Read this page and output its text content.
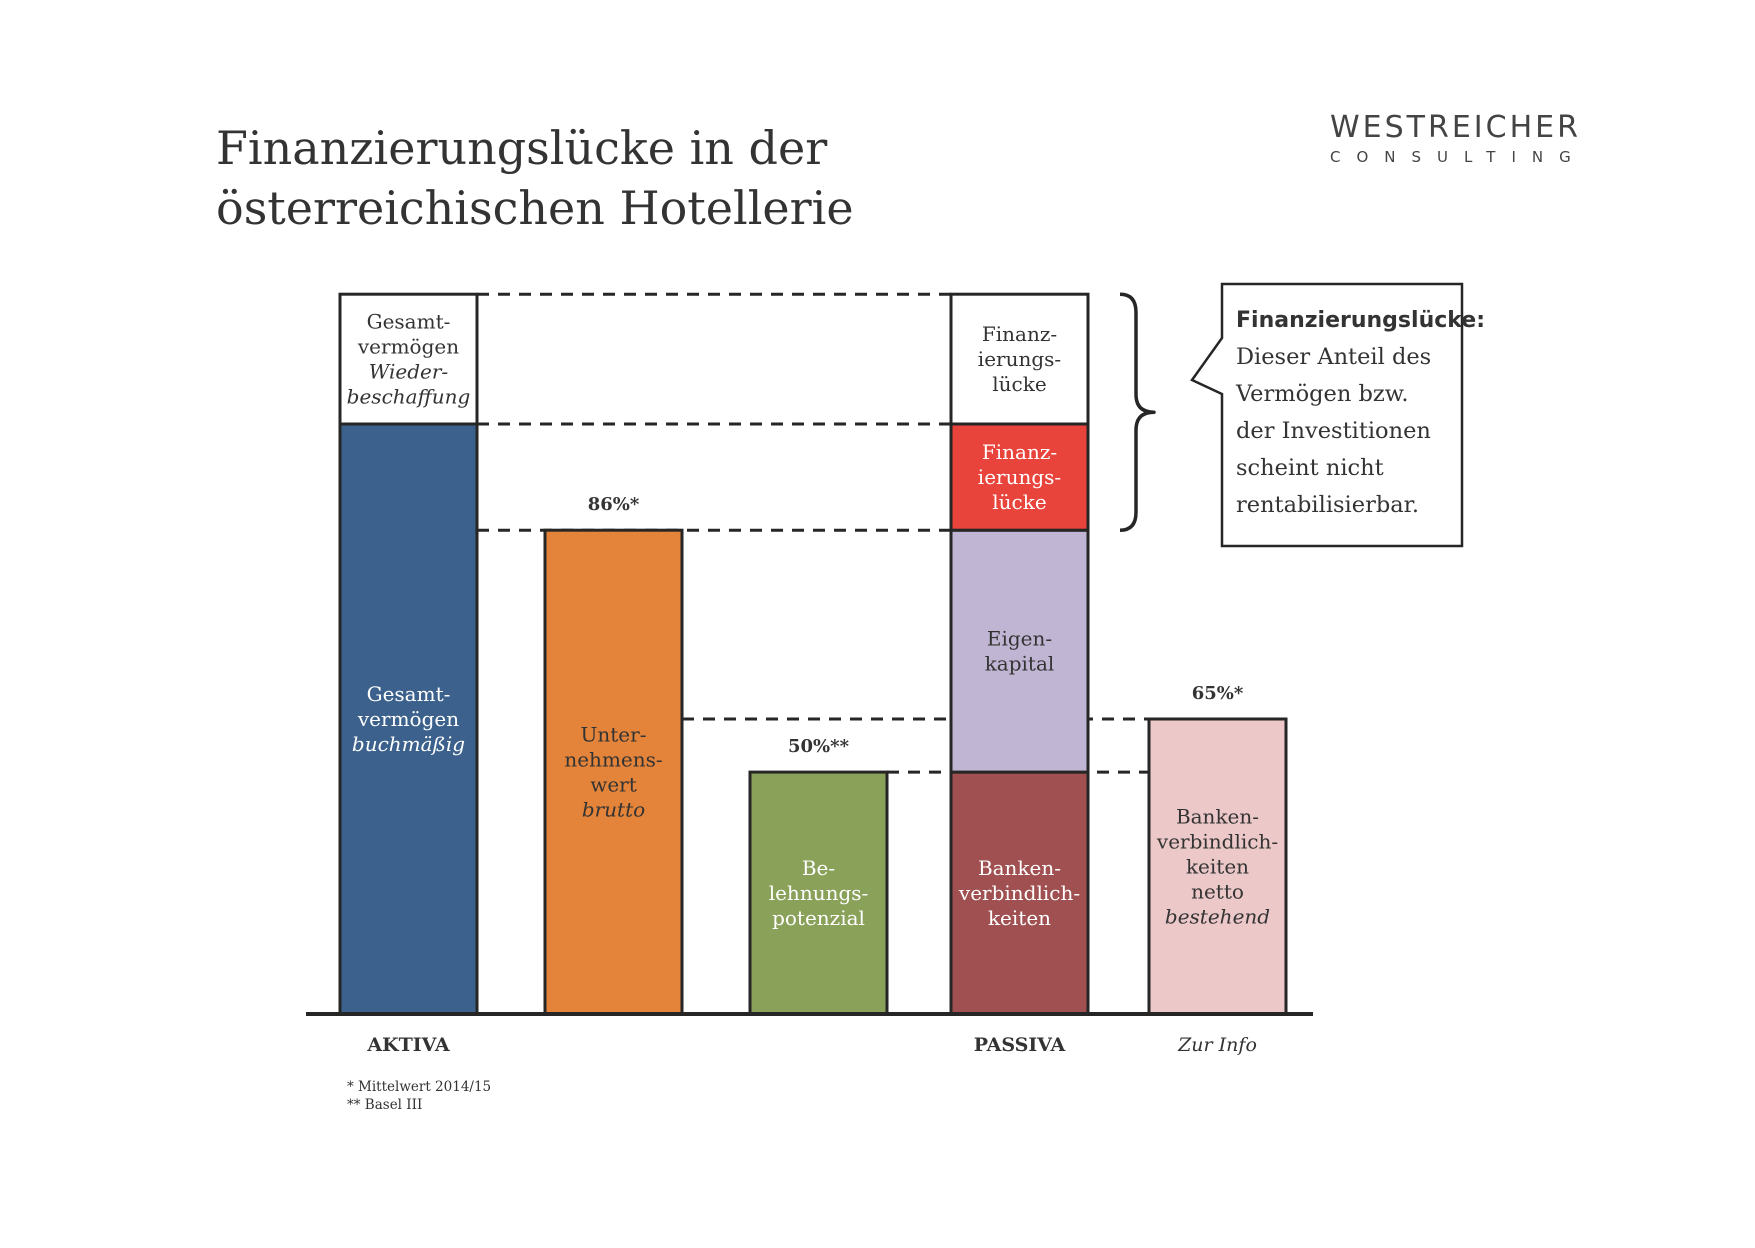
Finanzierungslücke in der
österreichischen Hotellerie
WESTREICHER
CONSULTING
Gesamt-
vermögen
buchmäßig
Gesamt-
vermögen
Wieder-
beschaffung
AKTIVA
Unter-
nehmens-
wert
brutto
86%*
Be-
lehnungs-
potenzial
50%**
Banken-
verbindlich-
keiten
Eigen-
kapital
Finanz-
ierungs-
lücke
Finanz-
ierungs-
lücke
PASSIVA
Banken-
verbindlich-
keiten
netto
bestehend
65%*
Zur Info
Finanzierungslücke:
Dieser Anteil des
Vermögen bzw.
der Investitionen
scheint nicht
rentabilisierbar.
* Mittelwert 2014/15
** Basel III
